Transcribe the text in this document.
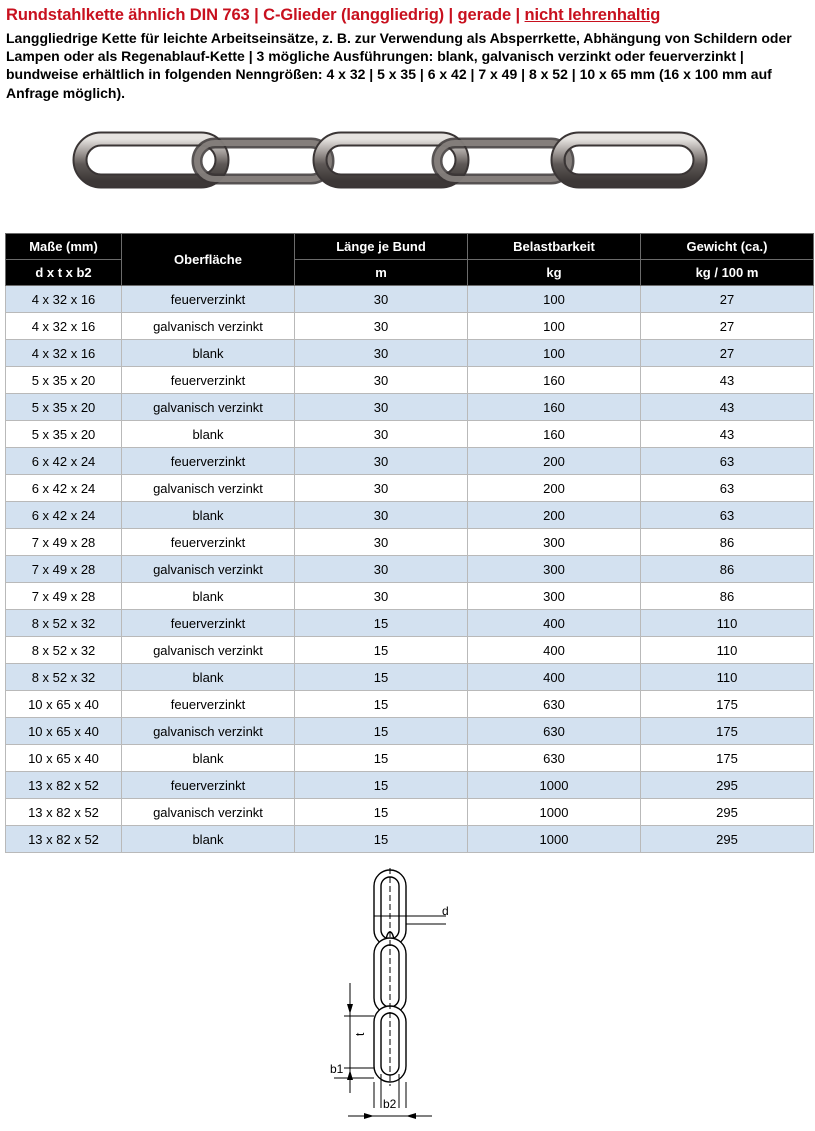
Rundstahlkette ähnlich DIN 763 | C-Glieder (langgliedrig) | gerade | nicht lehrenhaltig
Langgliedrige Kette für leichte Arbeitseinsätze, z. B. zur Verwendung als Absperrkette, Abhängung von Schildern oder Lampen oder als Regenablauf-Kette | 3 mögliche Ausführungen: blank, galvanisch verzinkt oder feuerverzinkt | bundweise erhältlich in folgenden Nenngrößen: 4 x 32 | 5 x 35 | 6 x 42 | 7 x 49 | 8 x 52 | 10 x 65 mm (16 x 100 mm auf Anfrage möglich).
Maße (mm)	Oberfläche	Länge je Bund	Belastbarkeit	Gewicht (ca.)
d x t x b2		m	kg	kg / 100 m
4 x 32 x 16	feuerverzinkt	30	100	27
4 x 32 x 16	galvanisch verzinkt	30	100	27
4 x 32 x 16	blank	30	100	27
5 x 35 x 20	feuerverzinkt	30	160	43
5 x 35 x 20	galvanisch verzinkt	30	160	43
5 x 35 x 20	blank	30	160	43
6 x 42 x 24	feuerverzinkt	30	200	63
6 x 42 x 24	galvanisch verzinkt	30	200	63
6 x 42 x 24	blank	30	200	63
7 x 49 x 28	feuerverzinkt	30	300	86
7 x 49 x 28	galvanisch verzinkt	30	300	86
7 x 49 x 28	blank	30	300	86
8 x 52 x 32	feuerverzinkt	15	400	110
8 x 52 x 32	galvanisch verzinkt	15	400	110
8 x 52 x 32	blank	15	400	110
10 x 65 x 40	feuerverzinkt	15	630	175
10 x 65 x 40	galvanisch verzinkt	15	630	175
10 x 65 x 40	blank	15	630	175
13 x 82 x 52	feuerverzinkt	15	1000	295
13 x 82 x 52	galvanisch verzinkt	15	1000	295
13 x 82 x 52	blank	15	1000	295
d
t
b1
b2
